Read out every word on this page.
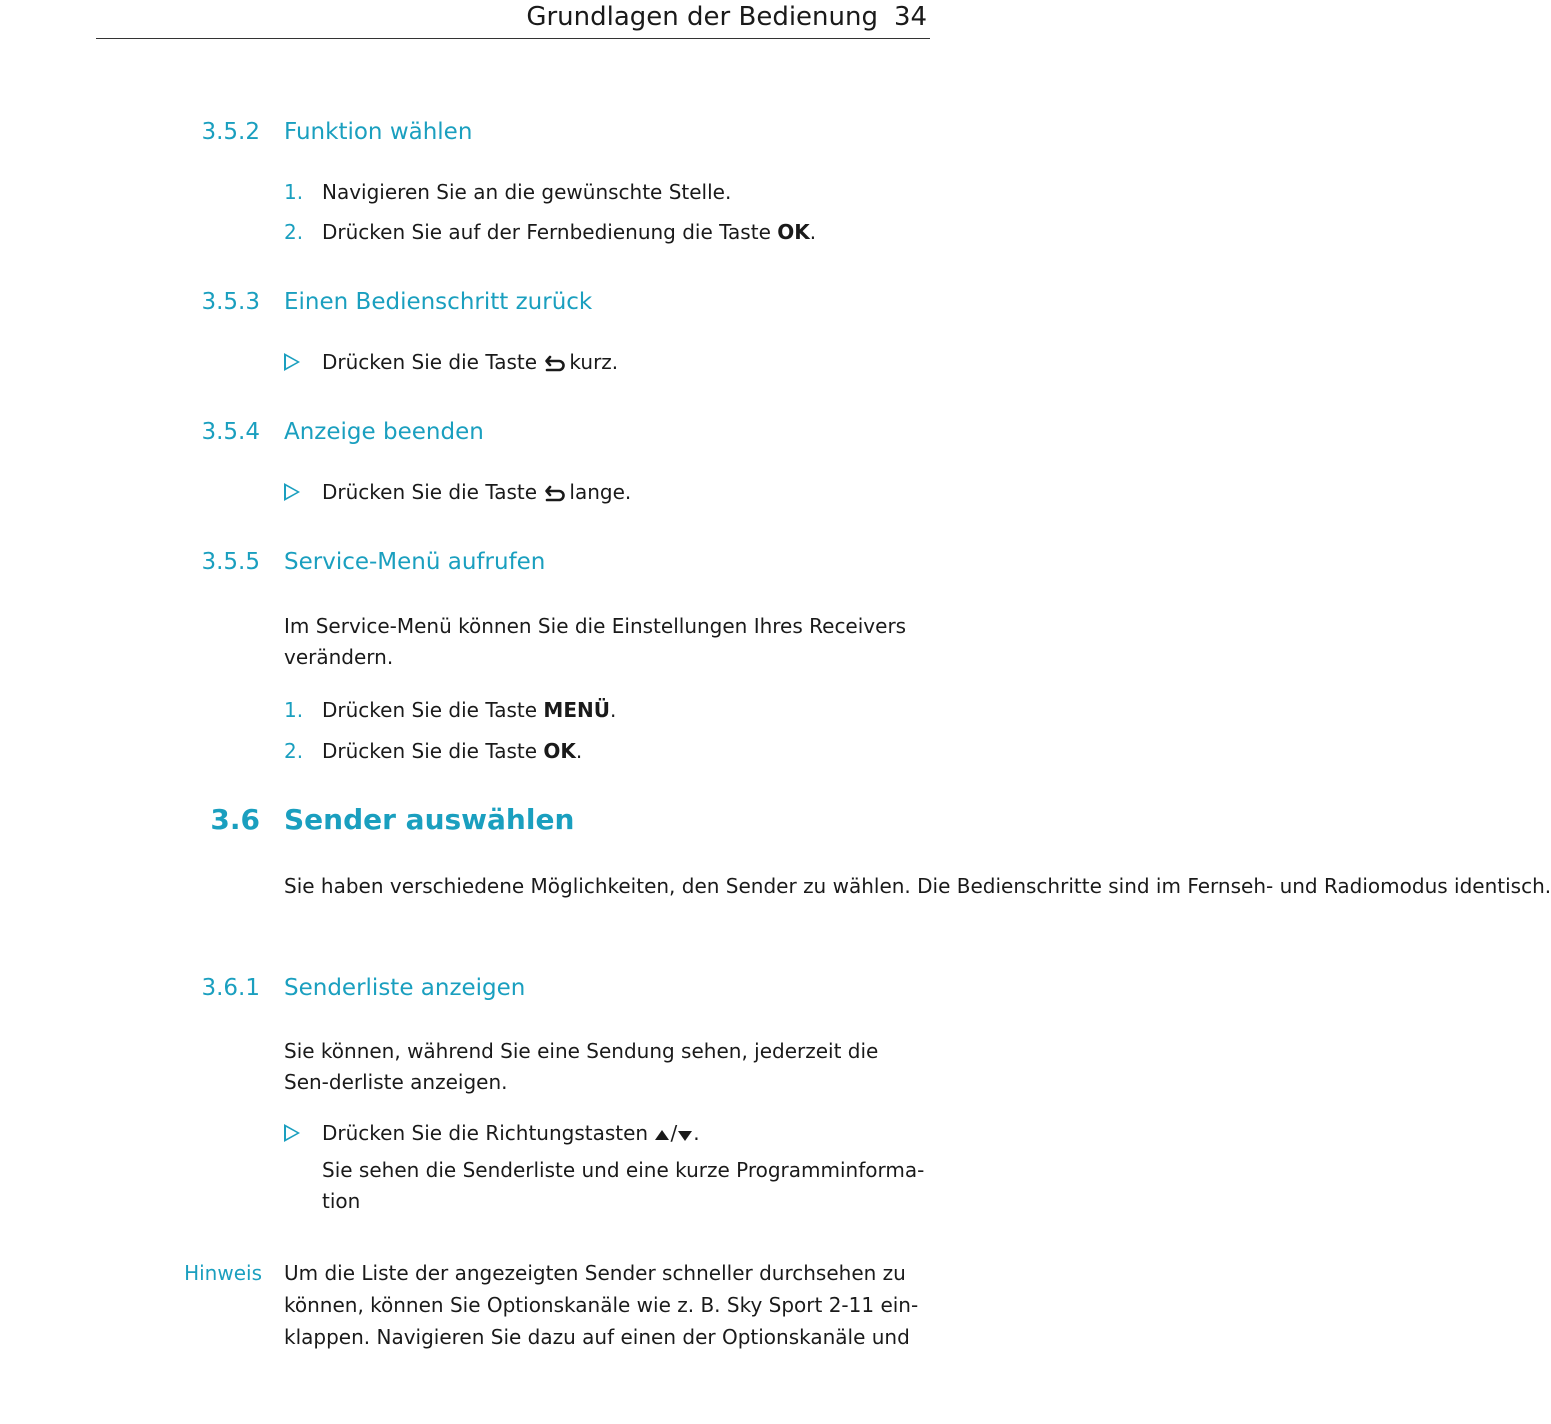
Grundlagen der Bedienung 34
3.5.2 Funktion wählen
1. Navigieren Sie an die gewünschte Stelle.
2. Drücken Sie auf der Fernbedienung die Taste OK.
3.5.3 Einen Bedienschritt zurück
Drücken Sie die Taste kurz.
3.5.4 Anzeige beenden
Drücken Sie die Taste lange.
3.5.5 Service-Menü aufrufen
Im Service-Menü können Sie die Einstellungen Ihres Receivers verändern.
1. Drücken Sie die Taste MENÜ.
2. Drücken Sie die Taste OK.
3.6 Sender auswählen
Sie haben verschiedene Möglichkeiten, den Sender zu wählen. Die Bedienschritte sind im Fernseh- und Radiomodus identisch.
3.6.1 Senderliste anzeigen
Sie können, während Sie eine Sendung sehen, jederzeit die Sen-derliste anzeigen.
Drücken Sie die Richtungstasten / .
Sie sehen die Senderliste und eine kurze Programminforma-tion
Hinweis Um die Liste der angezeigten Sender schneller durchsehen zu können, können Sie Optionskanäle wie z. B. Sky Sport 2-11 ein-klappen. Navigieren Sie dazu auf einen der Optionskanäle und
